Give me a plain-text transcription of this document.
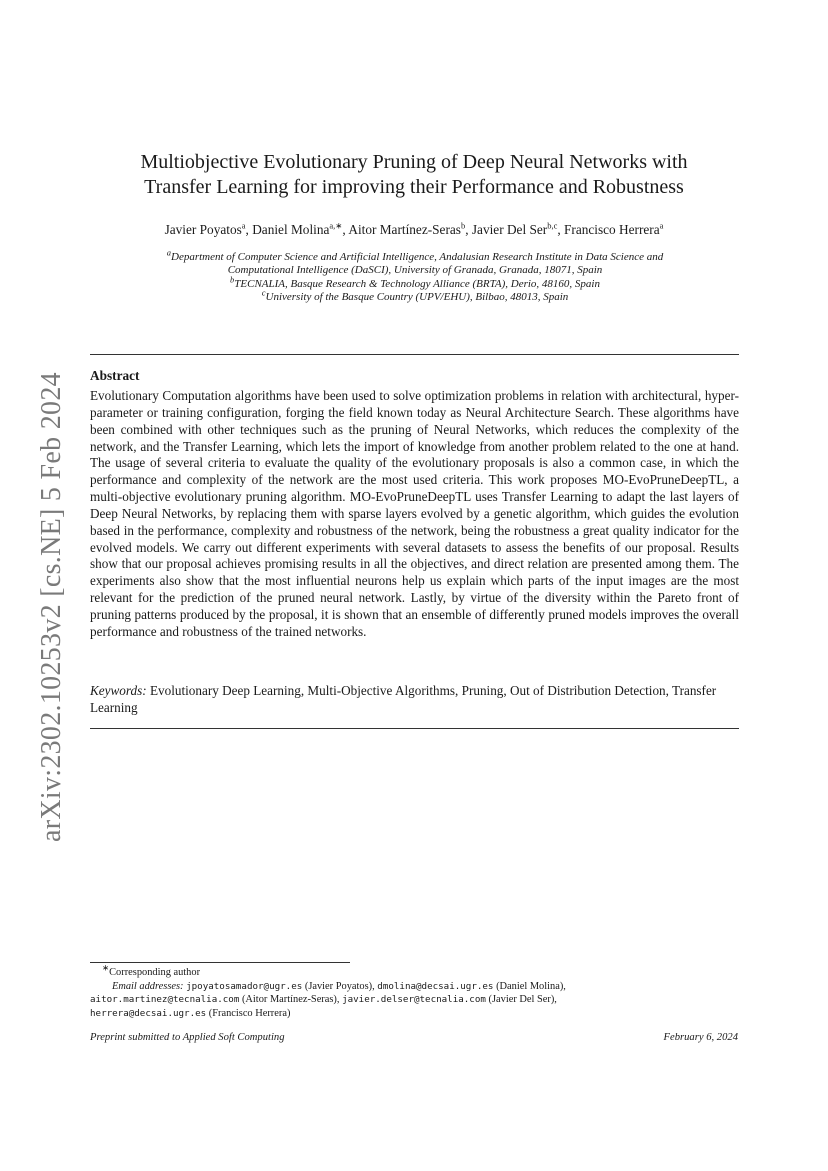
arXiv:2302.10253v2 [cs.NE] 5 Feb 2024
Multiobjective Evolutionary Pruning of Deep Neural Networks with
Transfer Learning for improving their Performance and Robustness
Javier Poyatos$^a$, Daniel Molina$^{a,∗}$, Aitor Martínez-Seras$^b$, Javier Del Ser$^{b,c}$, Francisco Herrera$^a$
$^a$Department of Computer Science and Artificial Intelligence, Andalusian Research Institute in Data Science and
Computational Intelligence (DaSCI), University of Granada, Granada, 18071, Spain
$^b$TECNALIA, Basque Research & Technology Alliance (BRTA), Derio, 48160, Spain
$^c$University of the Basque Country (UPV/EHU), Bilbao, 48013, Spain
Abstract
Evolutionary Computation algorithms have been used to solve optimization problems in relation with architectural, hyper-parameter or training configuration, forging the field known today as Neural Architecture Search. These algorithms have been combined with other techniques such as the pruning of Neural Networks, which reduces the complexity of the network, and the Transfer Learning, which lets the import of knowledge from another problem related to the one at hand. The usage of several criteria to evaluate the quality of the evolutionary proposals is also a common case, in which the performance and complexity of the network are the most used criteria. This work proposes MO-EvoPruneDeepTL, a multi-objective evolutionary pruning algorithm. MO-EvoPruneDeepTL uses Transfer Learning to adapt the last layers of Deep Neural Networks, by replacing them with sparse layers evolved by a genetic algorithm, which guides the evolution based in the performance, complexity and robustness of the network, being the robustness a great quality indicator for the evolved models. We carry out different experiments with several datasets to assess the benefits of our proposal. Results show that our proposal achieves promising results in all the objectives, and direct relation are presented among them. The experiments also show that the most influential neurons help us explain which parts of the input images are the most relevant for the prediction of the pruned neural network. Lastly, by virtue of the diversity within the Pareto front of pruning patterns produced by the proposal, it is shown that an ensemble of differently pruned models improves the overall performance and robustness of the trained networks.
Keywords: Evolutionary Deep Learning, Multi-Objective Algorithms, Pruning, Out of Distribution Detection, Transfer Learning
∗Corresponding author
Email addresses: jpoyatosamador@ugr.es (Javier Poyatos), dmolina@decsai.ugr.es (Daniel Molina),
aitor.martinez@tecnalia.com (Aitor Martínez-Seras), javier.delser@tecnalia.com (Javier Del Ser),
herrera@decsai.ugr.es (Francisco Herrera)
Preprint submitted to Applied Soft Computing	February 6, 2024
